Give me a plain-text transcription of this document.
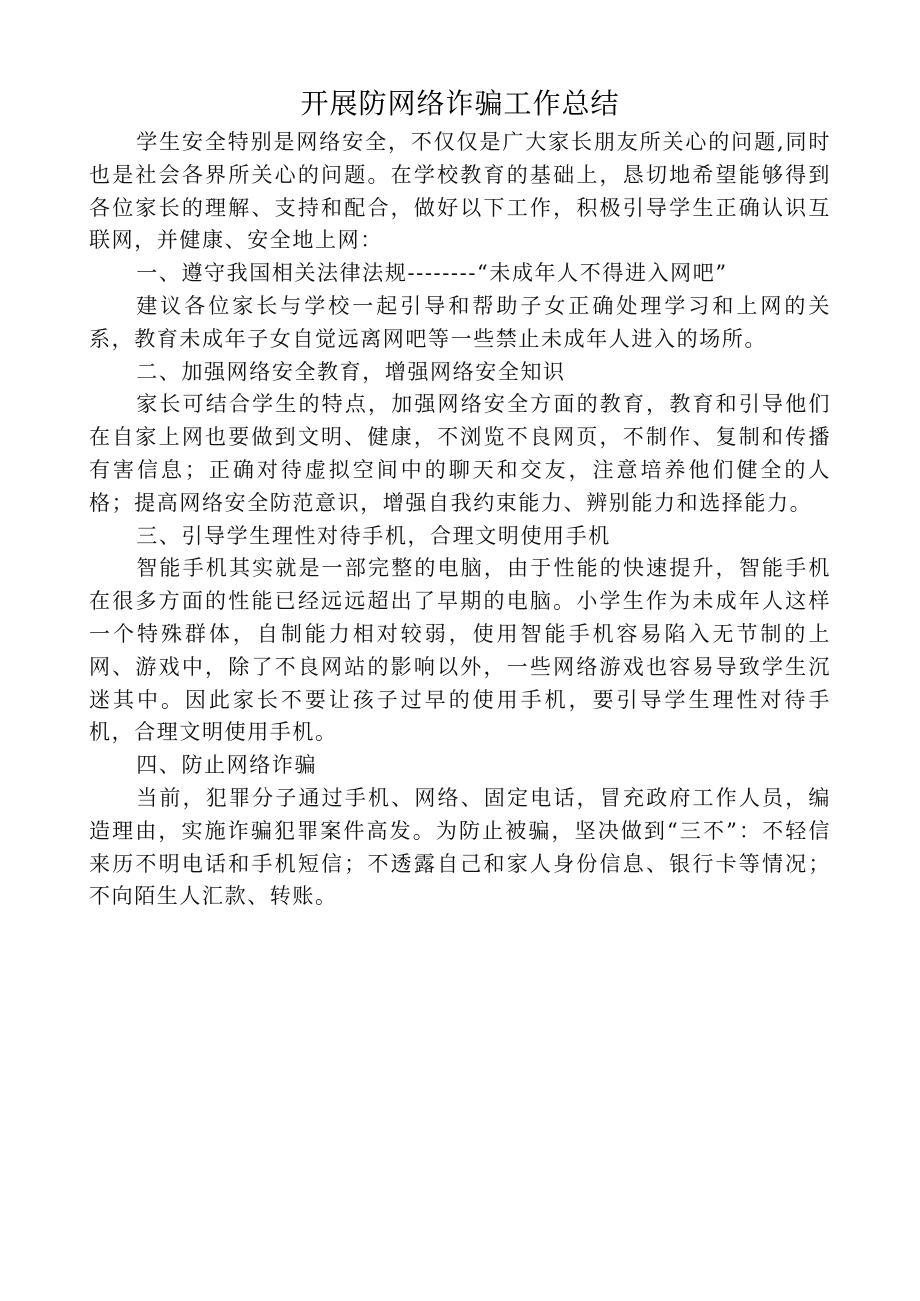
开展防网络诈骗工作总结

学生安全特别是网络安全，不仅仅是广大家长朋友所关心的问题,同时也是社会各界所关心的问题。在学校教育的基础上，恳切地希望能够得到各位家长的理解、支持和配合，做好以下工作，积极引导学生正确认识互联网，并健康、安全地上网：

一、遵守我国相关法律法规--------“未成年人不得进入网吧”

建议各位家长与学校一起引导和帮助子女正确处理学习和上网的关系，教育未成年子女自觉远离网吧等一些禁止未成年人进入的场所。

二、加强网络安全教育，增强网络安全知识

家长可结合学生的特点，加强网络安全方面的教育，教育和引导他们在自家上网也要做到文明、健康，不浏览不良网页，不制作、复制和传播有害信息；正确对待虚拟空间中的聊天和交友，注意培养他们健全的人格；提高网络安全防范意识，增强自我约束能力、辨别能力和选择能力。

三、引导学生理性对待手机，合理文明使用手机

智能手机其实就是一部完整的电脑，由于性能的快速提升，智能手机在很多方面的性能已经远远超出了早期的电脑。小学生作为未成年人这样一个特殊群体，自制能力相对较弱，使用智能手机容易陷入无节制的上网、游戏中，除了不良网站的影响以外，一些网络游戏也容易导致学生沉迷其中。因此家长不要让孩子过早的使用手机，要引导学生理性对待手机，合理文明使用手机。

四、防止网络诈骗

当前，犯罪分子通过手机、网络、固定电话，冒充政府工作人员，编造理由，实施诈骗犯罪案件高发。为防止被骗，坚决做到“三不”：不轻信来历不明电话和手机短信；不透露自己和家人身份信息、银行卡等情况；不向陌生人汇款、转账。
